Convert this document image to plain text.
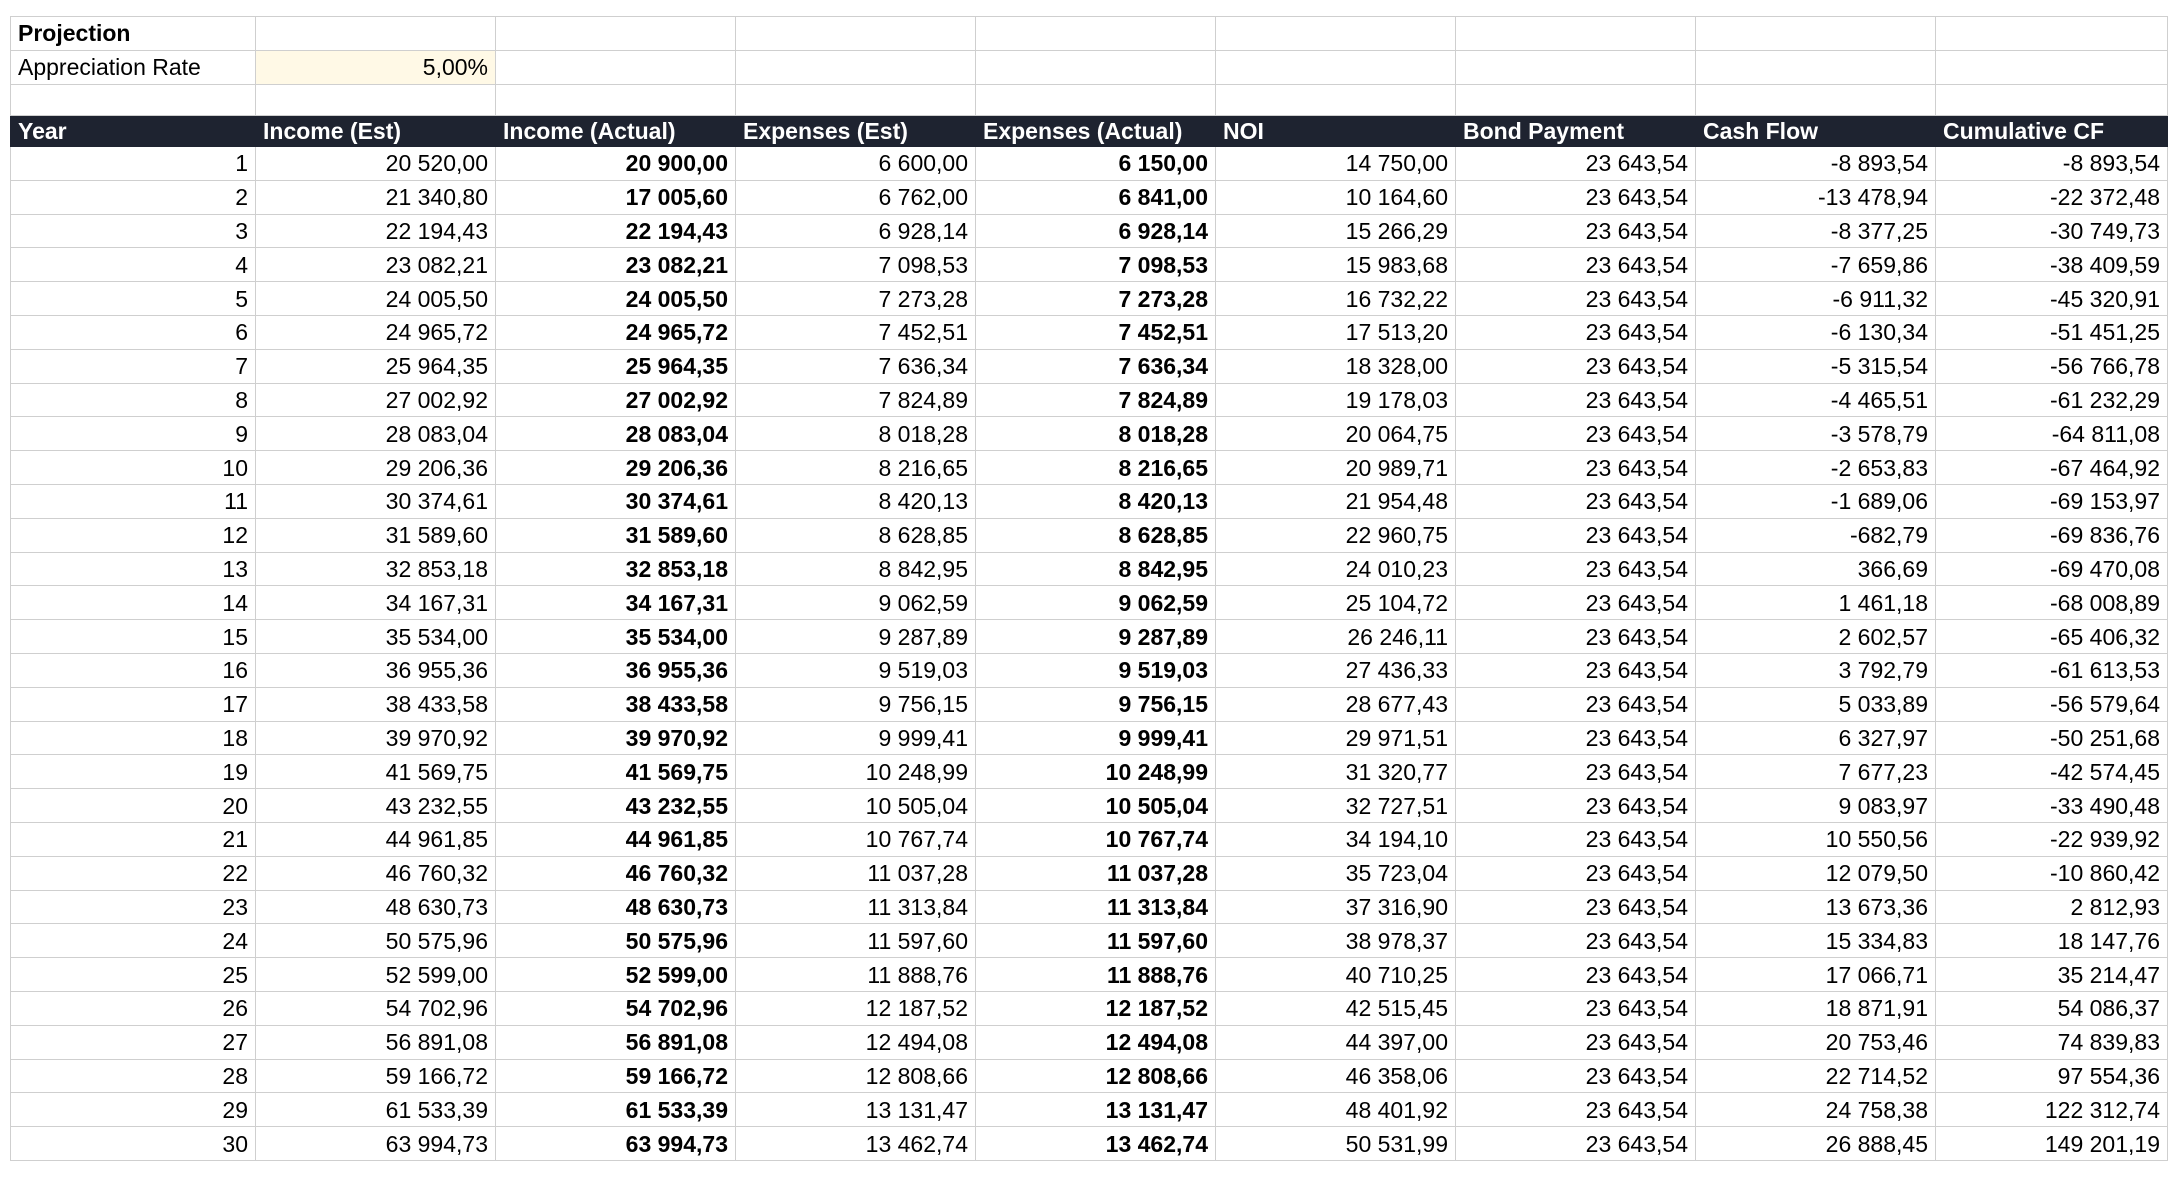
Projection								
Appreciation Rate	5,00%							

Year	Income (Est)	Income (Actual)	Expenses (Est)	Expenses (Actual)	NOI	Bond Payment	Cash Flow	Cumulative CF
1	20 520,00	20 900,00	6 600,00	6 150,00	14 750,00	23 643,54	-8 893,54	-8 893,54
2	21 340,80	17 005,60	6 762,00	6 841,00	10 164,60	23 643,54	-13 478,94	-22 372,48
3	22 194,43	22 194,43	6 928,14	6 928,14	15 266,29	23 643,54	-8 377,25	-30 749,73
4	23 082,21	23 082,21	7 098,53	7 098,53	15 983,68	23 643,54	-7 659,86	-38 409,59
5	24 005,50	24 005,50	7 273,28	7 273,28	16 732,22	23 643,54	-6 911,32	-45 320,91
6	24 965,72	24 965,72	7 452,51	7 452,51	17 513,20	23 643,54	-6 130,34	-51 451,25
7	25 964,35	25 964,35	7 636,34	7 636,34	18 328,00	23 643,54	-5 315,54	-56 766,78
8	27 002,92	27 002,92	7 824,89	7 824,89	19 178,03	23 643,54	-4 465,51	-61 232,29
9	28 083,04	28 083,04	8 018,28	8 018,28	20 064,75	23 643,54	-3 578,79	-64 811,08
10	29 206,36	29 206,36	8 216,65	8 216,65	20 989,71	23 643,54	-2 653,83	-67 464,92
11	30 374,61	30 374,61	8 420,13	8 420,13	21 954,48	23 643,54	-1 689,06	-69 153,97
12	31 589,60	31 589,60	8 628,85	8 628,85	22 960,75	23 643,54	-682,79	-69 836,76
13	32 853,18	32 853,18	8 842,95	8 842,95	24 010,23	23 643,54	366,69	-69 470,08
14	34 167,31	34 167,31	9 062,59	9 062,59	25 104,72	23 643,54	1 461,18	-68 008,89
15	35 534,00	35 534,00	9 287,89	9 287,89	26 246,11	23 643,54	2 602,57	-65 406,32
16	36 955,36	36 955,36	9 519,03	9 519,03	27 436,33	23 643,54	3 792,79	-61 613,53
17	38 433,58	38 433,58	9 756,15	9 756,15	28 677,43	23 643,54	5 033,89	-56 579,64
18	39 970,92	39 970,92	9 999,41	9 999,41	29 971,51	23 643,54	6 327,97	-50 251,68
19	41 569,75	41 569,75	10 248,99	10 248,99	31 320,77	23 643,54	7 677,23	-42 574,45
20	43 232,55	43 232,55	10 505,04	10 505,04	32 727,51	23 643,54	9 083,97	-33 490,48
21	44 961,85	44 961,85	10 767,74	10 767,74	34 194,10	23 643,54	10 550,56	-22 939,92
22	46 760,32	46 760,32	11 037,28	11 037,28	35 723,04	23 643,54	12 079,50	-10 860,42
23	48 630,73	48 630,73	11 313,84	11 313,84	37 316,90	23 643,54	13 673,36	2 812,93
24	50 575,96	50 575,96	11 597,60	11 597,60	38 978,37	23 643,54	15 334,83	18 147,76
25	52 599,00	52 599,00	11 888,76	11 888,76	40 710,25	23 643,54	17 066,71	35 214,47
26	54 702,96	54 702,96	12 187,52	12 187,52	42 515,45	23 643,54	18 871,91	54 086,37
27	56 891,08	56 891,08	12 494,08	12 494,08	44 397,00	23 643,54	20 753,46	74 839,83
28	59 166,72	59 166,72	12 808,66	12 808,66	46 358,06	23 643,54	22 714,52	97 554,36
29	61 533,39	61 533,39	13 131,47	13 131,47	48 401,92	23 643,54	24 758,38	122 312,74
30	63 994,73	63 994,73	13 462,74	13 462,74	50 531,99	23 643,54	26 888,45	149 201,19
